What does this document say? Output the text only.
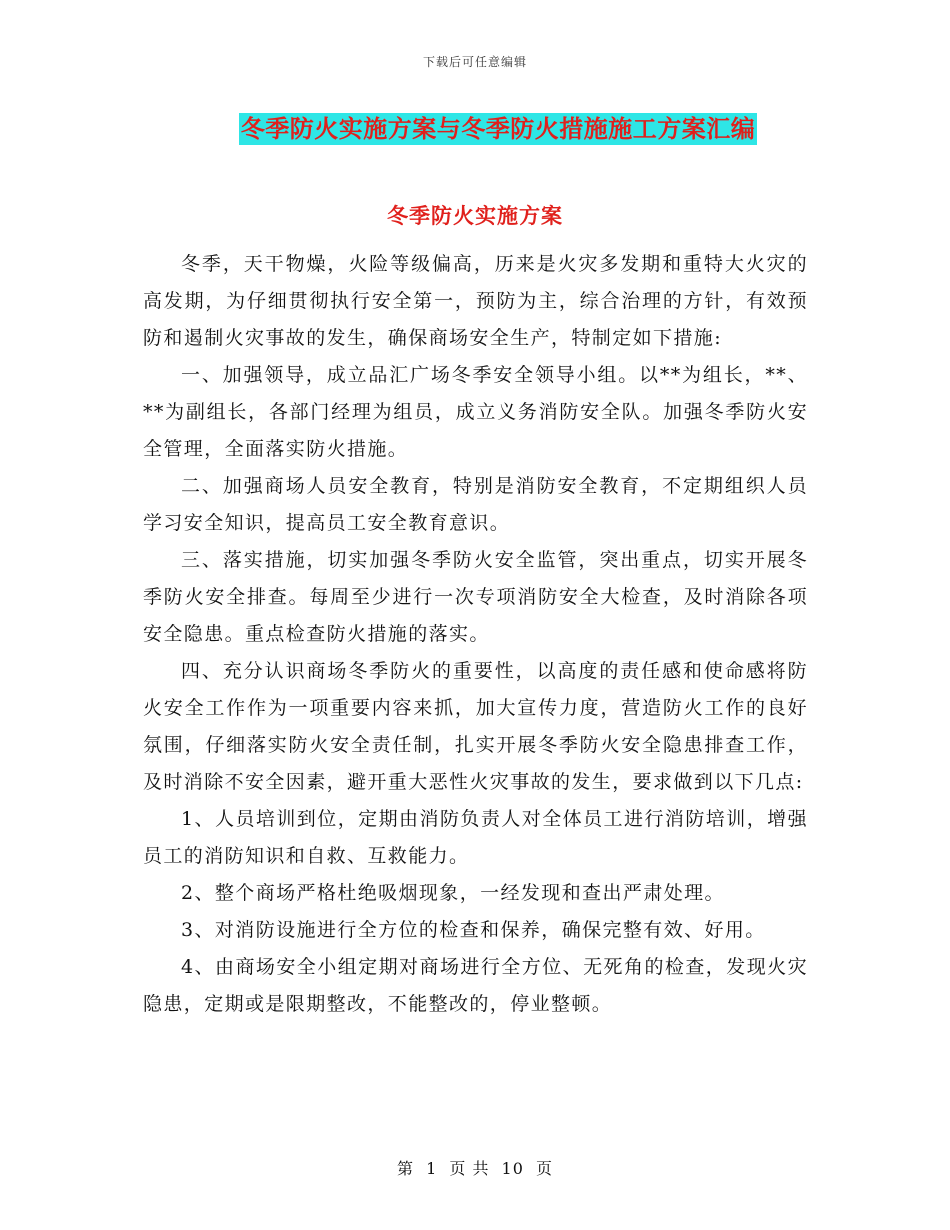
下载后可任意编辑
冬季防火实施方案与冬季防火措施施工方案汇编
冬季防火实施方案

冬季，天干物燥，火险等级偏高，历来是火灾多发期和重特大火灾的高发期，为仔细贯彻执行安全第一，预防为主，综合治理的方针，有效预防和遏制火灾事故的发生，确保商场安全生产，特制定如下措施:

一、加强领导，成立品汇广场冬季安全领导小组。以**为组长，**、**为副组长，各部门经理为组员，成立义务消防安全队。加强冬季防火安全管理，全面落实防火措施。

二、加强商场人员安全教育，特别是消防安全教育，不定期组织人员学习安全知识，提高员工安全教育意识。

三、落实措施，切实加强冬季防火安全监管，突出重点，切实开展冬季防火安全排查。每周至少进行一次专项消防安全大检查，及时消除各项安全隐患。重点检查防火措施的落实。

四、充分认识商场冬季防火的重要性，以高度的责任感和使命感将防火安全工作作为一项重要内容来抓，加大宣传力度，营造防火工作的良好氛围，仔细落实防火安全责任制，扎实开展冬季防火安全隐患排查工作，及时消除不安全因素，避开重大恶性火灾事故的发生，要求做到以下几点:

1、人员培训到位，定期由消防负责人对全体员工进行消防培训，增强员工的消防知识和自救、互救能力。

2、整个商场严格杜绝吸烟现象，一经发现和查出严肃处理。

3、对消防设施进行全方位的检查和保养，确保完整有效、好用。

4、由商场安全小组定期对商场进行全方位、无死角的检查，发现火灾隐患，定期或是限期整改，不能整改的，停业整顿。

第 1 页 共 10 页
